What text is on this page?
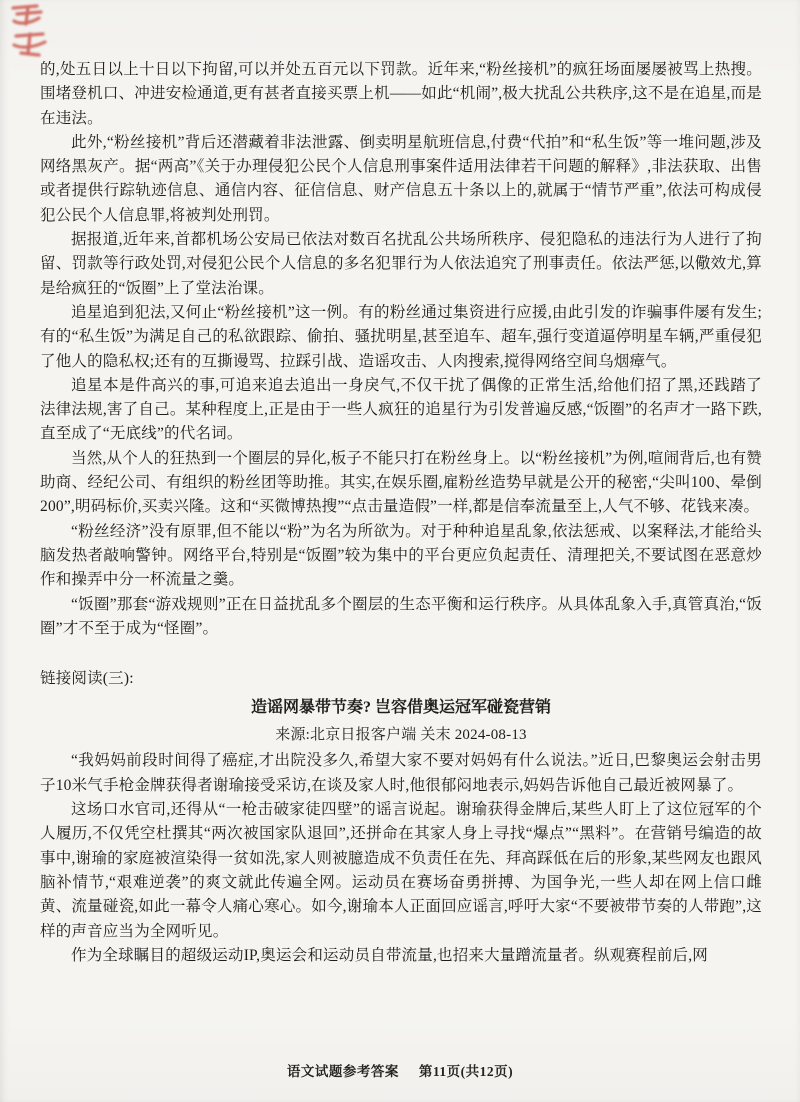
的,处五日以上十日以下拘留,可以并处五百元以下罚款。近年来,“粉丝接机”的疯狂场面屡屡被骂上热搜。围堵登机口、冲进安检通道,更有甚者直接买票上机——如此“机闹”,极大扰乱公共秩序,这不是在追星,而是在违法。

此外,“粉丝接机”背后还潜藏着非法泄露、倒卖明星航班信息,付费“代拍”和“私生饭”等一堆问题,涉及网络黑灰产。据“两高”《关于办理侵犯公民个人信息刑事案件适用法律若干问题的解释》,非法获取、出售或者提供行踪轨迹信息、通信内容、征信信息、财产信息五十条以上的,就属于“情节严重”,依法可构成侵犯公民个人信息罪,将被判处刑罚。

据报道,近年来,首都机场公安局已依法对数百名扰乱公共场所秩序、侵犯隐私的违法行为人进行了拘留、罚款等行政处罚,对侵犯公民个人信息的多名犯罪行为人依法追究了刑事责任。依法严惩,以儆效尤,算是给疯狂的“饭圈”上了堂法治课。

追星追到犯法,又何止“粉丝接机”这一例。有的粉丝通过集资进行应援,由此引发的诈骗事件屡有发生;有的“私生饭”为满足自己的私欲跟踪、偷拍、骚扰明星,甚至追车、超车,强行变道逼停明星车辆,严重侵犯了他人的隐私权;还有的互撕谩骂、拉踩引战、造谣攻击、人肉搜索,搅得网络空间乌烟瘴气。

追星本是件高兴的事,可追来追去追出一身戾气,不仅干扰了偶像的正常生活,给他们招了黑,还践踏了法律法规,害了自己。某种程度上,正是由于一些人疯狂的追星行为引发普遍反感,“饭圈”的名声才一路下跌,直至成了“无底线”的代名词。

当然,从个人的狂热到一个圈层的异化,板子不能只打在粉丝身上。以“粉丝接机”为例,喧闹背后,也有赞助商、经纪公司、有组织的粉丝团等助推。其实,在娱乐圈,雇粉丝造势早就是公开的秘密,“尖叫100、晕倒200”,明码标价,买卖兴隆。这和“买微博热搜”“点击量造假”一样,都是信奉流量至上,人气不够、花钱来凑。

“粉丝经济”没有原罪,但不能以“粉”为名为所欲为。对于种种追星乱象,依法惩戒、以案释法,才能给头脑发热者敲响警钟。网络平台,特别是“饭圈”较为集中的平台更应负起责任、清理把关,不要试图在恶意炒作和操弄中分一杯流量之羹。

“饭圈”那套“游戏规则”正在日益扰乱多个圈层的生态平衡和运行秩序。从具体乱象入手,真管真治,“饭圈”才不至于成为“怪圈”。

链接阅读(三):

造谣网暴带节奏? 岂容借奥运冠军碰瓷营销

来源:北京日报客户端 关末 2024-08-13

“我妈妈前段时间得了癌症,才出院没多久,希望大家不要对妈妈有什么说法。”近日,巴黎奥运会射击男子10米气手枪金牌获得者谢瑜接受采访,在谈及家人时,他很郁闷地表示,妈妈告诉他自己最近被网暴了。

这场口水官司,还得从“一枪击破家徒四壁”的谣言说起。谢瑜获得金牌后,某些人盯上了这位冠军的个人履历,不仅凭空杜撰其“两次被国家队退回”,还拼命在其家人身上寻找“爆点”“黑料”。在营销号编造的故事中,谢瑜的家庭被渲染得一贫如洗,家人则被臆造成不负责任在先、拜高踩低在后的形象,某些网友也跟风脑补情节,“艰难逆袭”的爽文就此传遍全网。运动员在赛场奋勇拼搏、为国争光,一些人却在网上信口雌黄、流量碰瓷,如此一幕令人痛心寒心。如今,谢瑜本人正面回应谣言,呼吁大家“不要被带节奏的人带跑”,这样的声音应当为全网听见。

作为全球瞩目的超级运动IP,奥运会和运动员自带流量,也招来大量蹭流量者。纵观赛程前后,网

语文试题参考答案 第11页(共12页)
